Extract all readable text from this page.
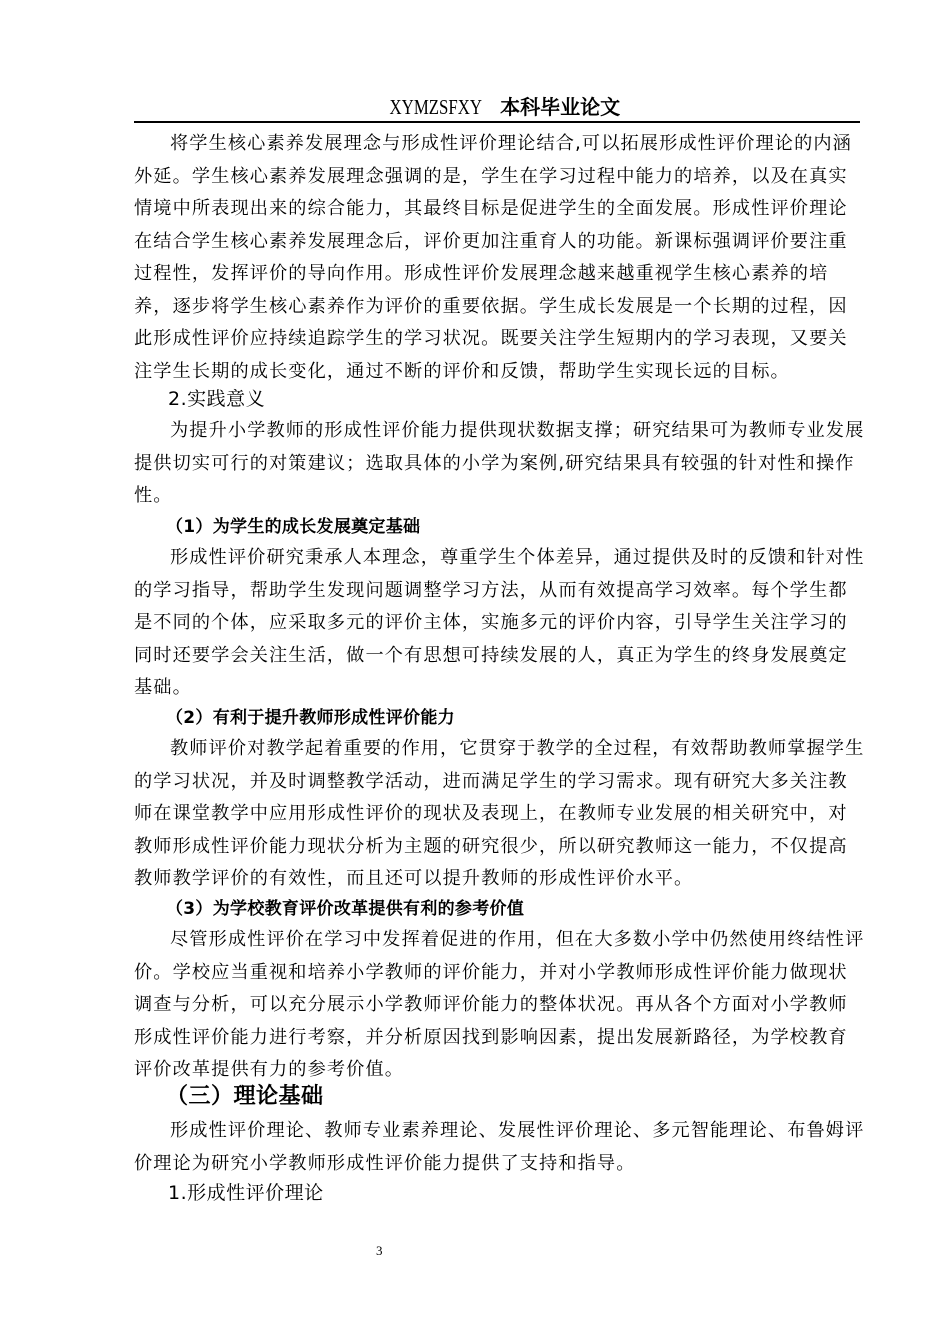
XYMZSFXY 本科毕业论文
将学生核心素养发展理念与形成性评价理论结合,可以拓展形成性评价理论的内涵
外延。学生核心素养发展理念强调的是，学生在学习过程中能力的培养，以及在真实
情境中所表现出来的综合能力，其最终目标是促进学生的全面发展。形成性评价理论
在结合学生核心素养发展理念后，评价更加注重育人的功能。新课标强调评价要注重
过程性，发挥评价的导向作用。形成性评价发展理念越来越重视学生核心素养的培
养，逐步将学生核心素养作为评价的重要依据。学生成长发展是一个长期的过程，因
此形成性评价应持续追踪学生的学习状况。既要关注学生短期内的学习表现，又要关
注学生长期的成长变化，通过不断的评价和反馈，帮助学生实现长远的目标。
2.实践意义
为提升小学教师的形成性评价能力提供现状数据支撑；研究结果可为教师专业发展
提供切实可行的对策建议；选取具体的小学为案例,研究结果具有较强的针对性和操作
性。
（1）为学生的成长发展奠定基础
形成性评价研究秉承人本理念，尊重学生个体差异，通过提供及时的反馈和针对性
的学习指导，帮助学生发现问题调整学习方法，从而有效提高学习效率。每个学生都
是不同的个体，应采取多元的评价主体，实施多元的评价内容，引导学生关注学习的
同时还要学会关注生活，做一个有思想可持续发展的人，真正为学生的终身发展奠定
基础。
（2）有利于提升教师形成性评价能力
教师评价对教学起着重要的作用，它贯穿于教学的全过程，有效帮助教师掌握学生
的学习状况，并及时调整教学活动，进而满足学生的学习需求。现有研究大多关注教
师在课堂教学中应用形成性评价的现状及表现上，在教师专业发展的相关研究中，对
教师形成性评价能力现状分析为主题的研究很少，所以研究教师这一能力，不仅提高
教师教学评价的有效性，而且还可以提升教师的形成性评价水平。
（3）为学校教育评价改革提供有利的参考价值
尽管形成性评价在学习中发挥着促进的作用，但在大多数小学中仍然使用终结性评
价。学校应当重视和培养小学教师的评价能力，并对小学教师形成性评价能力做现状
调查与分析，可以充分展示小学教师评价能力的整体状况。再从各个方面对小学教师
形成性评价能力进行考察，并分析原因找到影响因素，提出发展新路径，为学校教育
评价改革提供有力的参考价值。
（三）理论基础
形成性评价理论、教师专业素养理论、发展性评价理论、多元智能理论、布鲁姆评
价理论为研究小学教师形成性评价能力提供了支持和指导。
1.形成性评价理论
3
